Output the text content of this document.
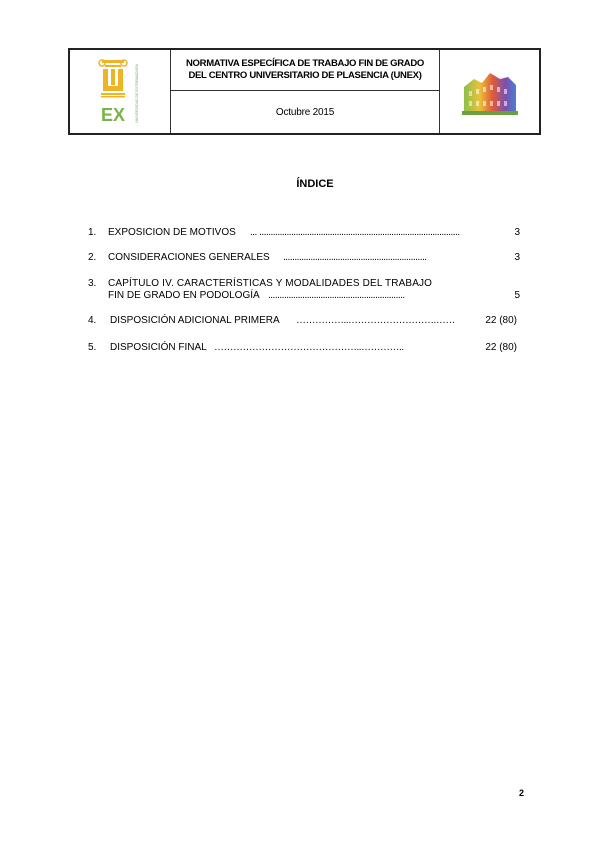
EX	UNIVERSIDAD DE EXTREMADURA	NORMATIVA ESPECÍFICA DE TRABAJO FIN DE GRADO
DEL CENTRO UNIVERSITARIO DE PLASENCIA (UNEX)
Octubre 2015
ÍNDICE
1. EXPOSICION DE MOTIVOS ... ........................................................................................	3
2. CONSIDERACIONES GENERALES ...............................................................	3
3. CAPÍTULO IV. CARACTERÍSTICAS Y MODALIDADES DEL TRABAJO
FIN DE GRADO EN PODOLOGÍA ............................................................	5
4. DISPOSICIÓN ADICIONAL PRIMERA ……………..……………………….……	22 (80)
5. DISPOSICIÓN FINAL ………………………………………..…………..	22 (80)
2
